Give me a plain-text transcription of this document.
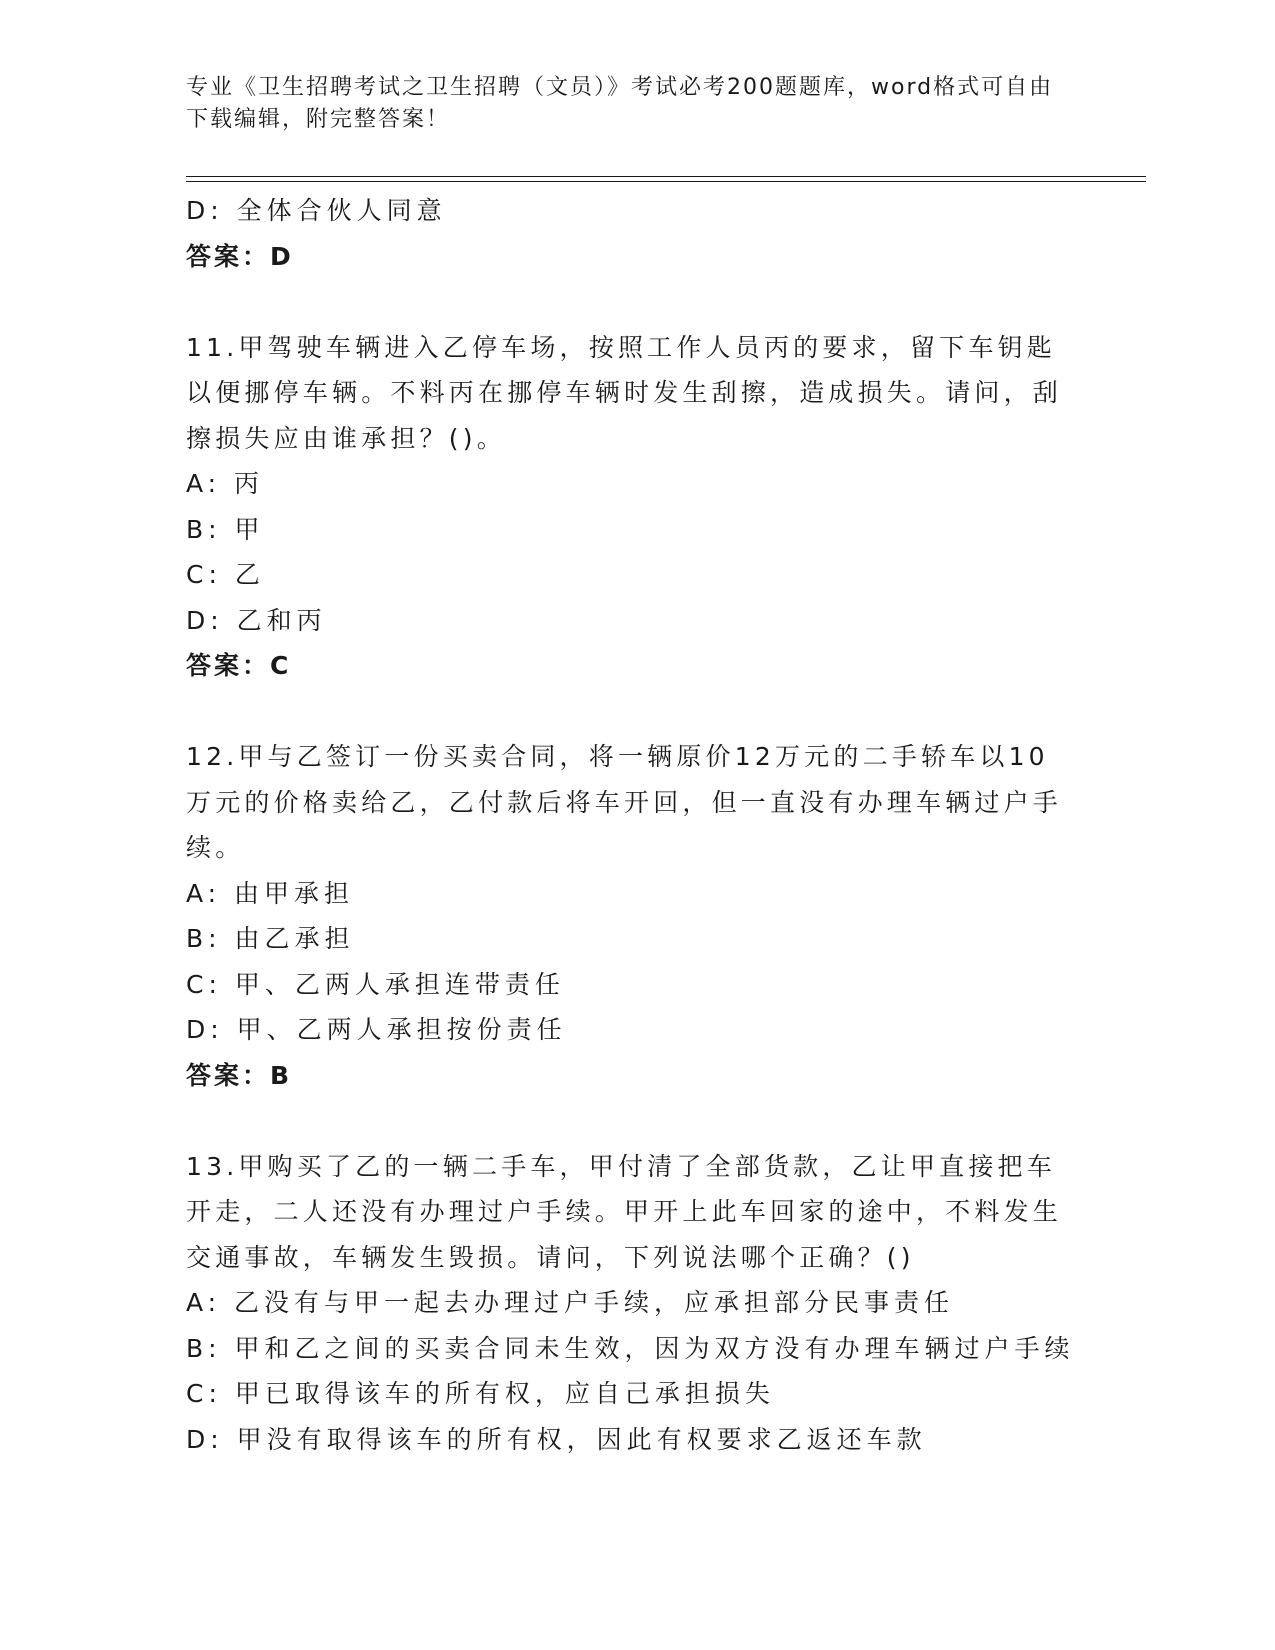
专业《卫生招聘考试之卫生招聘（文员）》考试必考200题题库，word格式可自由下载编辑，附完整答案！
D: 全体合伙人同意
答案：D
11.甲驾驶车辆进入乙停车场，按照工作人员丙的要求，留下车钥匙以便挪停车辆。不料丙在挪停车辆时发生刮擦，造成损失。请问，刮擦损失应由谁承担？()。
A: 丙
B: 甲
C: 乙
D: 乙和丙
答案：C
12.甲与乙签订一份买卖合同，将一辆原价12万元的二手轿车以10万元的价格卖给乙，乙付款后将车开回，但一直没有办理车辆过户手续。
A: 由甲承担
B: 由乙承担
C: 甲、乙两人承担连带责任
D: 甲、乙两人承担按份责任
答案：B
13.甲购买了乙的一辆二手车，甲付清了全部货款，乙让甲直接把车开走，二人还没有办理过户手续。甲开上此车回家的途中，不料发生交通事故，车辆发生毁损。请问，下列说法哪个正确？()
A: 乙没有与甲一起去办理过户手续，应承担部分民事责任
B: 甲和乙之间的买卖合同未生效，因为双方没有办理车辆过户手续
C: 甲已取得该车的所有权，应自己承担损失
D: 甲没有取得该车的所有权，因此有权要求乙返还车款
